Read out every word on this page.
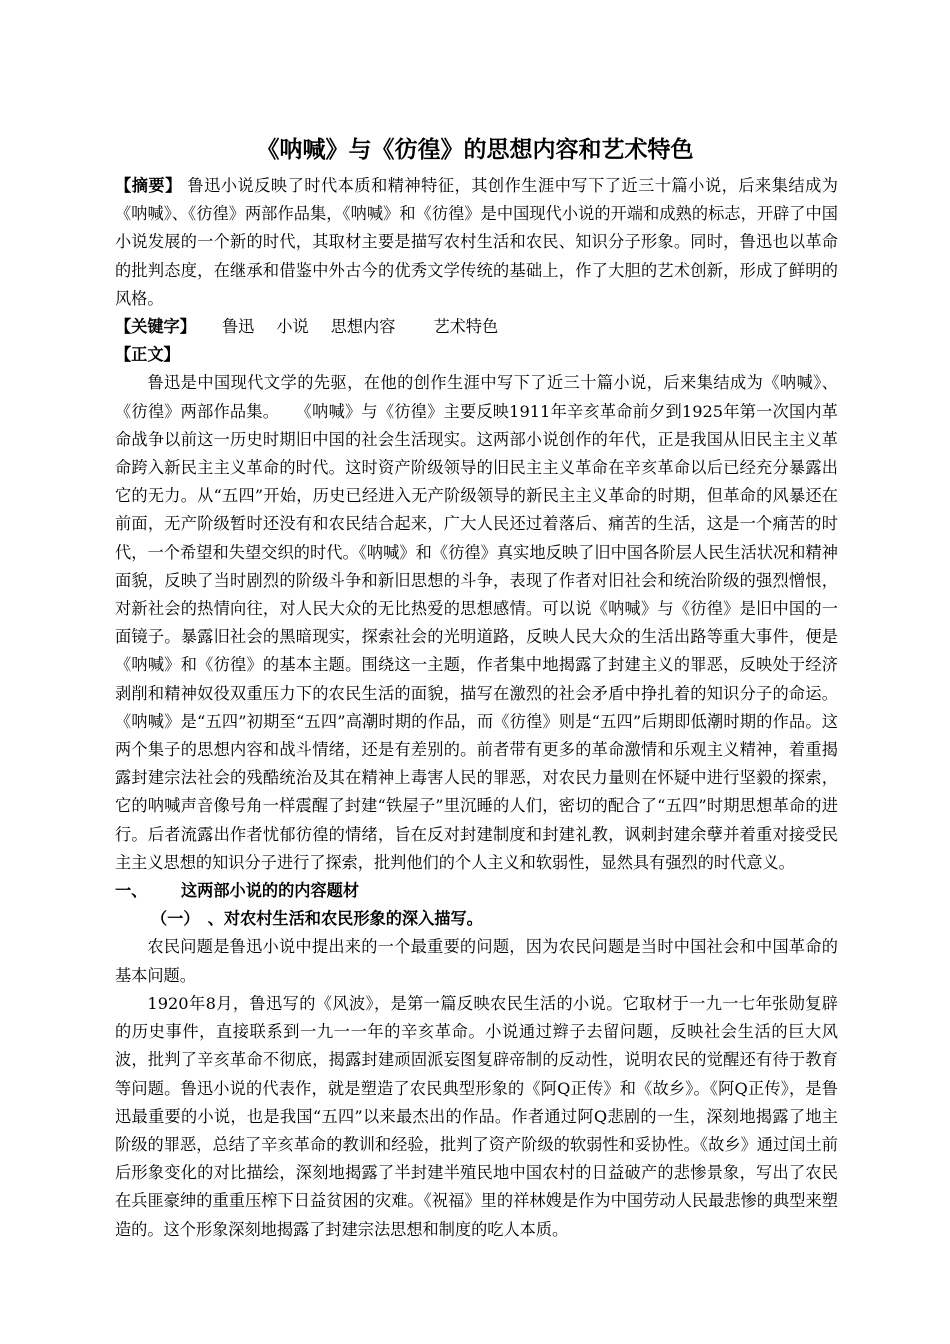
《呐喊》与《彷徨》的思想内容和艺术特色

【摘要】 鲁迅小说反映了时代本质和精神特征，其创作生涯中写下了近三十篇小说，后来集结成为《呐喊》、《彷徨》两部作品集，《呐喊》和《彷徨》是中国现代小说的开端和成熟的标志，开辟了中国小说发展的一个新的时代，其取材主要是描写农村生活和农民、知识分子形象。同时，鲁迅也以革命的批判态度，在继承和借鉴中外古今的优秀文学传统的基础上，作了大胆的艺术创新，形成了鲜明的风格。

【关键字】 鲁迅 小说 思想内容 艺术特色

【正文】

鲁迅是中国现代文学的先驱，在他的创作生涯中写下了近三十篇小说，后来集结成为《呐喊》、《彷徨》两部作品集。　　《呐喊》与《彷徨》主要反映1911年辛亥革命前夕到1925年第一次国内革命战争以前这一历史时期旧中国的社会生活现实。这两部小说创作的年代，正是我国从旧民主主义革命跨入新民主主义革命的时代。这时资产阶级领导的旧民主主义革命在辛亥革命以后已经充分暴露出它的无力。从“五四”开始，历史已经进入无产阶级领导的新民主主义革命的时期，但革命的风暴还在前面，无产阶级暂时还没有和农民结合起来，广大人民还过着落后、痛苦的生活，这是一个痛苦的时代，一个希望和失望交织的时代。《呐喊》和《彷徨》真实地反映了旧中国各阶层人民生活状况和精神面貌，反映了当时剧烈的阶级斗争和新旧思想的斗争，表现了作者对旧社会和统治阶级的强烈憎恨，对新社会的热情向往，对人民大众的无比热爱的思想感情。可以说《呐喊》与《彷徨》是旧中国的一面镜子。暴露旧社会的黑暗现实，探索社会的光明道路，反映人民大众的生活出路等重大事件，便是《呐喊》和《彷徨》的基本主题。围绕这一主题，作者集中地揭露了封建主义的罪恶，反映处于经济剥削和精神奴役双重压力下的农民生活的面貌，描写在激烈的社会矛盾中挣扎着的知识分子的命运。《呐喊》是“五四”初期至“五四”高潮时期的作品，而《彷徨》则是“五四”后期即低潮时期的作品。这两个集子的思想内容和战斗情绪，还是有差别的。前者带有更多的革命激情和乐观主义精神，着重揭露封建宗法社会的残酷统治及其在精神上毒害人民的罪恶，对农民力量则在怀疑中进行坚毅的探索，它的呐喊声音像号角一样震醒了封建“铁屋子”里沉睡的人们，密切的配合了“五四”时期思想革命的进行。后者流露出作者忧郁彷徨的情绪，旨在反对封建制度和封建礼教，讽刺封建余孽并着重对接受民主主义思想的知识分子进行了探索，批判他们的个人主义和软弱性，显然具有强烈的时代意义。

一、 这两部小说的的内容题材

（一）　、对农村生活和农民形象的深入描写。

农民问题是鲁迅小说中提出来的一个最重要的问题，因为农民问题是当时中国社会和中国革命的基本问题。

1920年8月，鲁迅写的《风波》，是第一篇反映农民生活的小说。它取材于一九一七年张勋复辟的历史事件，直接联系到一九一一年的辛亥革命。小说通过辫子去留问题，反映社会生活的巨大风波，批判了辛亥革命不彻底，揭露封建顽固派妄图复辟帝制的反动性，说明农民的觉醒还有待于教育等问题。鲁迅小说的代表作，就是塑造了农民典型形象的《阿Q正传》和《故乡》。《阿Q正传》，是鲁迅最重要的小说，也是我国“五四”以来最杰出的作品。作者通过阿Q悲剧的一生，深刻地揭露了地主阶级的罪恶，总结了辛亥革命的教训和经验，批判了资产阶级的软弱性和妥协性。《故乡》通过闰土前后形象变化的对比描绘，深刻地揭露了半封建半殖民地中国农村的日益破产的悲惨景象，写出了农民在兵匪豪绅的重重压榨下日益贫困的灾难。《祝福》里的祥林嫂是作为中国劳动人民最悲惨的典型来塑造的。这个形象深刻地揭露了封建宗法思想和制度的吃人本质。
